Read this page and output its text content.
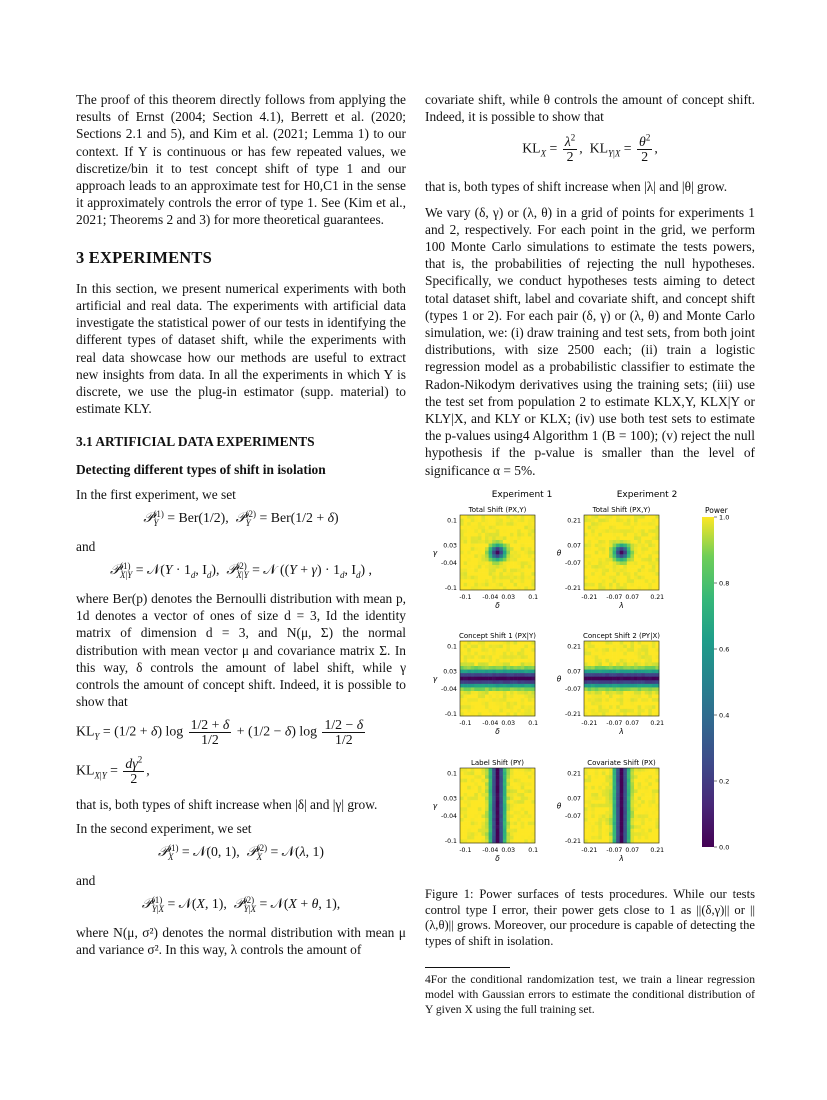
The proof of this theorem directly follows from applying the results of Ernst (2004; Section 4.1), Berrett et al. (2020; Sections 2.1 and 5), and Kim et al. (2021; Lemma 1) to our context. If Y is continuous or has few repeated values, we discretize/bin it to test concept shift of type 1 and our approach leads to an approximate test for H0,C1 in the sense it approximately controls the error of type 1. See (Kim et al., 2021; Theorems 2 and 3) for more theoretical guarantees.

3 EXPERIMENTS

In this section, we present numerical experiments with both artificial and real data. The experiments with artificial data investigate the statistical power of our tests in identifying the different types of dataset shift, while the experiments with real data showcase how our methods are useful to extract new insights from data. In all the experiments in which Y is discrete, we use the plug-in estimator (supp. material) to estimate KLY.

3.1 ARTIFICIAL DATA EXPERIMENTS
Detecting different types of shift in isolation

In the first experiment, we set

𝒫(1)
Y = Ber(1/2),  𝒫(2)
Y = Ber(1/2 + δ)

and

𝒫(1)
X|Y = 𝒩(Y · $1_d$, $I_d$),  𝒫(2)
X|Y = 𝒩 ($(Y + \gamma) \cdot 1_d$, $I_d$) ,

where Ber(p) denotes the Bernoulli distribution with mean p, 1d denotes a vector of ones of size d = 3, Id the identity matrix of dimension d = 3, and N(μ, Σ) the normal distribution with mean vector μ and covariance matrix Σ. In this way, δ controls the amount of label shift, while γ controls the amount of concept shift. Indeed, it is possible to show that

$KL_Y = (1/2 + \delta)$ $\log \frac{1/2 + \delta}{1/2} + (1/2 - \delta)$ $\log \frac{1/2 - \delta}{1/2}$
$KL_{X|Y} = \frac{d\gamma^2}{2}$ ,

that is, both types of shift increase when |δ| and |γ| grow.

In the second experiment, we set

𝒫(1)
X = 𝒩(0, 1),  𝒫(2)
X = 𝒩(λ, 1)

and

𝒫(1)
Y|X = 𝒩(X, 1),  𝒫(2)
Y|X = 𝒩(X + θ, 1),

where N(μ, σ²) denotes the normal distribution with mean μ and variance σ². In this way, λ controls the amount of

covariate shift, while θ controls the amount of concept shift. Indeed, it is possible to show that

$KL_X = \frac{\lambda^2}{2}$ ,  $KL_{Y|X} = \frac{\theta^2}{2}$ ,

that is, both types of shift increase when |λ| and |θ| grow.

We vary (δ, γ) or (λ, θ) in a grid of points for experiments 1 and 2, respectively. For each point in the grid, we perform 100 Monte Carlo simulations to estimate the tests powers, that is, the probabilities of rejecting the null hypotheses. Specifically, we conduct hypotheses tests aiming to detect total dataset shift, label and covariate shift, and concept shift (types 1 or 2). For each pair (δ, γ) or (λ, θ) and Monte Carlo simulation, we: (i) draw training and test sets, from both joint distributions, with size 2500 each; (ii) train a logistic regression model as a probabilistic classifier to estimate the Radon-Nikodym derivatives using the training sets; (iii) use the test set from population 2 to estimate KLX,Y, KLX|Y or KLY|X, and KLY or KLX; (iv) use both test sets to estimate the p-values using4 Algorithm 1 (B = 100); (v) reject the null hypothesis if the p-value is smaller than the level of significance α = 5%.

Experiment 1	Experiment 2
Total Shift (PX,Y)
-0.1 -0.04 0.03 0.1
0.1
0.03
-0.04
-0.1
δ
γ
Total Shift (PX,Y)
-0.21 -0.07 0.07 0.21
0.21
0.07
-0.07
-0.21
λ
θ
Concept Shift 1 (PX|Y)
-0.1 -0.04 0.03 0.1
0.1
0.03
-0.04
-0.1
δ
γ
Concept Shift 2 (PY|X)
-0.21 -0.07 0.07 0.21
0.21
0.07
-0.07
-0.21
λ
θ
Label Shift (PY)
-0.1 -0.04 0.03 0.1
0.1
0.03
-0.04
-0.1
δ
γ
Covariate Shift (PX)
-0.21 -0.07 0.07 0.21
0.21
0.07
-0.07
-0.21
λ
θ
Power
1.0
0.8
0.6
0.4
0.2
0.0
Figure 1: Power surfaces of tests procedures. While our tests control type I error, their power gets close to 1 as ||(δ,γ)|| or ||(λ,θ)|| grows. Moreover, our procedure is capable of detecting the types of shift in isolation.
4For the conditional randomization test, we train a linear regression model with Gaussian errors to estimate the conditional distribution of Y given X using the full training set.
